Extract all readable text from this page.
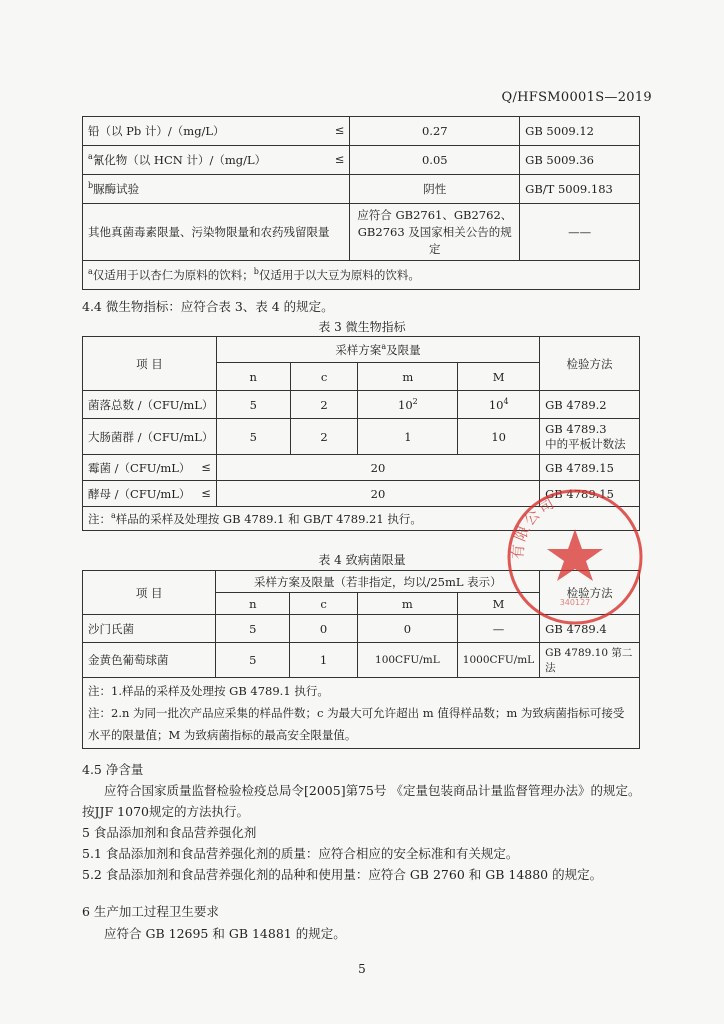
Q/HFSM0001S—2019
铅（以 Pb 计）/（mg/L） ≤	0.27	GB 5009.12
$^a$氰化物（以 HCN 计）/（mg/L） ≤	0.05	GB 5009.36
$^b$脲酶试验	阴性	GB/T 5009.183
其他真菌毒素限量、污染物限量和农药残留限量	应符合 GB2761、GB2762、GB2763 及国家相关公告的规定	——
$^a$仅适用于以杏仁为原料的饮料；$^b$仅适用于以大豆为原料的饮料。		
4.4 微生物指标：应符合表 3、表 4 的规定。
表 3 微生物指标
项 目	采样方案$^a$及限量				检验方法
	n	c	m	M	
菌落总数 /（CFU/mL）	5	2	$10^2$	$10^4$	GB 4789.2
大肠菌群 /（CFU/mL）	5	2	1	10	GB 4789.3
中的平板计数法
霉菌 /（CFU/mL） ≤	20				GB 4789.15
酵母 /（CFU/mL） ≤	20				GB 4789.15
注：$^a$样品的采样及处理按 GB 4789.1 和 GB/T 4789.21 执行。					
表 4 致病菌限量
项 目	采样方案及限量（若非指定，均以/25mL 表示）				检验方法
	n	c	m	M	
沙门氏菌	5	0	0	—	GB 4789.4
金黄色葡萄球菌	5	1	100CFU/mL	1000CFU/mL	GB 4789.10 第二法

注：1.样品的采样及处理按 GB 4789.1 执行。
注：2.n 为同一批次产品应采集的样品件数；c 为最大可允许超出 m 值得样品数；m 为致病菌指标可接受水平的限量值；M 为致病菌指标的最高安全限量值。					
4.5 净含量
应符合国家质量监督检验检疫总局令[2005]第75号 《定量包装商品计量监督管理办法》的规定。
按JJF 1070规定的方法执行。
5 食品添加剂和食品营养强化剂
5.1 食品添加剂和食品营养强化剂的质量：应符合相应的安全标准和有关规定。
5.2 食品添加剂和食品营养强化剂的品种和使用量：应符合 GB 2760 和 GB 14880 的规定。
6 生产加工过程卫生要求
应符合 GB 12695 和 GB 14881 的规定。
5
有限公司
340127
